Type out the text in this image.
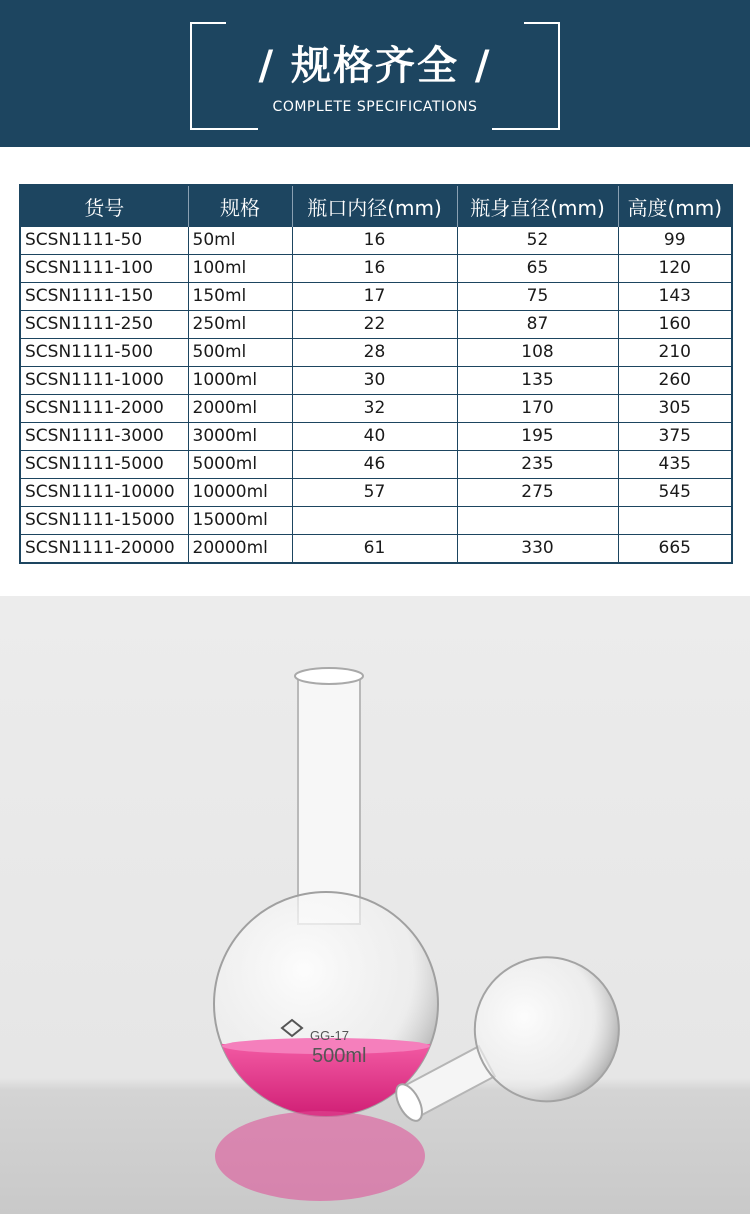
/ 规格齐全 /
COMPLETE SPECIFICATIONS
货号	规格	瓶口内径(mm)	瓶身直径(mm)	高度(mm)
SCSN1111-50	50ml	16	52	99
SCSN1111-100	100ml	16	65	120
SCSN1111-150	150ml	17	75	143
SCSN1111-250	250ml	22	87	160
SCSN1111-500	500ml	28	108	210
SCSN1111-1000	1000ml	30	135	260
SCSN1111-2000	2000ml	32	170	305
SCSN1111-3000	3000ml	40	195	375
SCSN1111-5000	5000ml	46	235	435
SCSN1111-10000	10000ml	57	275	545
SCSN1111-15000	15000ml			
SCSN1111-20000	20000ml	61	330	665
GG-17
500ml
